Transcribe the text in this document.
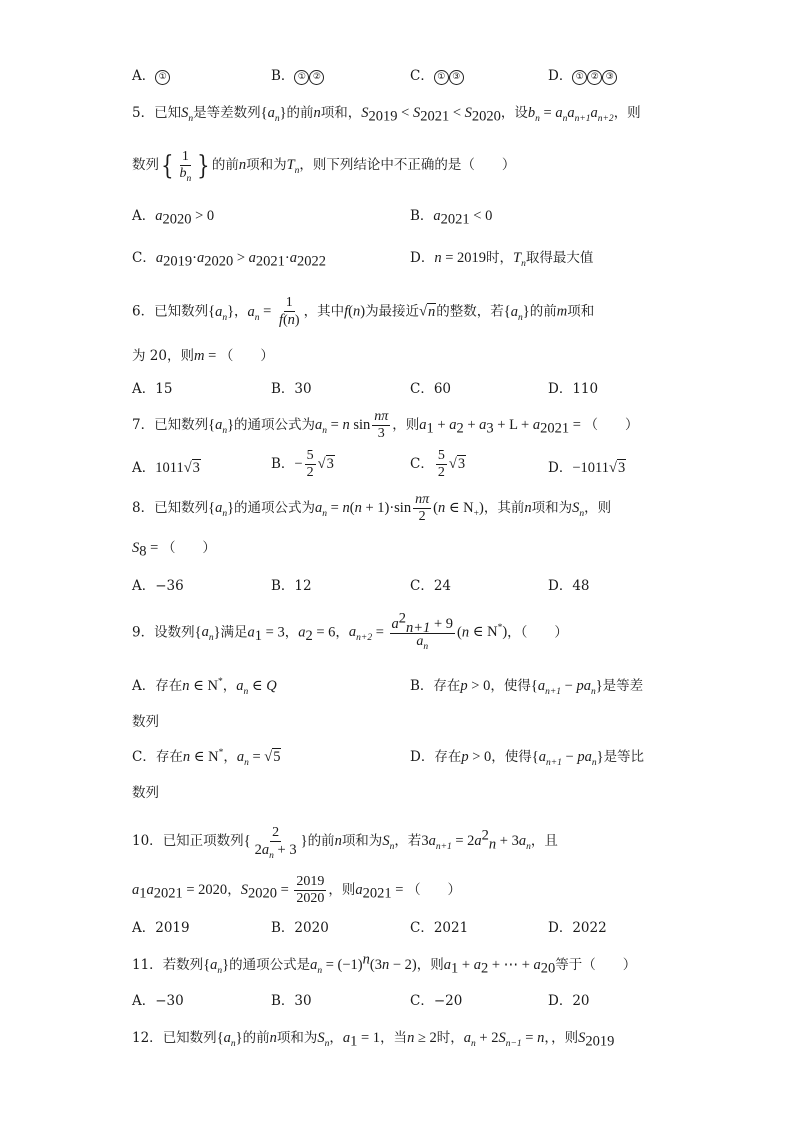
A． ①	B． ① ②	C． ① ③	D． ① ② ③
5．已知$S_n$是等差数列$\{a_n\}$的前n项和，$S_{2019} < S_{2021} < S_{2020}$，设$b_n = a_na_{n+1}a_{n+2}$，则
数列{ $\frac{1}{b_n}$ } 的前n项和为$T_n$，则下列结论中不正确的是（　　）
A．$a_{2020} > 0$	B．$a_{2021} < 0$
C．$a_{2019}\cdot a_{2020} > a_{2021}\cdot a_{2022}$	D．n = 2019时，$T_n$取得最大值
6．已知数列$\{a_n\}$，$a_n = \frac{1}{f(n)}$ ，其中f(n)为最接近√n的整数，若$\{a_n\}$的前m项和
为 20，则m = （　　）
A．15	B．30	C．60	D．110
7．已知数列$\{a_n\}$的通项公式为$a_n = n$ $\sin \frac{n\pi}{3}$ ，则$a_1 + a_2 + a_3 + L + a_{2021}$ = （　　）
A．1011√3	B．− $\frac{5}{2} √3$	C． $\frac{5}{2} √3$	D．−1011√3
8．已知数列$\{a_n\}$的通项公式为$a_n = n(n + 1)\cdot\sin \frac{n\pi}{2} (n$ ∈ $N_+$)，其前n项和为$S_n$，则
$S_8$ = （　　）
A．−36	B．12	C．24	D．48
9．设数列$\{a_n\}$满足$a_1 = 3$，$a_2 = 6$，$a_{n+2} = \frac{a^2_{n+1} + 9}{a_n} (n$ ∈ N*)，（　　）
A．存在n ∈ N*，$a_n$ ∈ Q	B．存在p > 0，使得$\{a_{n+1} - pa_n\}$是等差
数列
C．存在n ∈ N*，$a_n = √5$	D．存在p > 0，使得$\{a_{n+1} - pa_n\}$是等比
数列
10．已知正项数列{ $\frac{2}{2a_n + 3}$ }的前n项和为$S_n$，若$3a_{n+1} = 2a^2_n + 3a_n$，且
$a_1a_{2021} = 2020$，$S_{2020} = \frac{2019}{2020}$ ，则$a_{2021}$ = （　　）
A．2019	B．2020	C．2021	D．2022
11．若数列$\{a_n\}$的通项公式是$a_n = (-1)^n(3n - 2)$，则$a_1 + a_2$ + ⋯ + $a_{20}$等于（　　）
A．−30	B．30	C．−20	D．20
12．已知数列$\{a_n\}$的前n项和为$S_n$，$a_1 = 1$，当n ≥ 2时，$a_n + 2S_{n-1} = n$，，则$S_{2019}$
